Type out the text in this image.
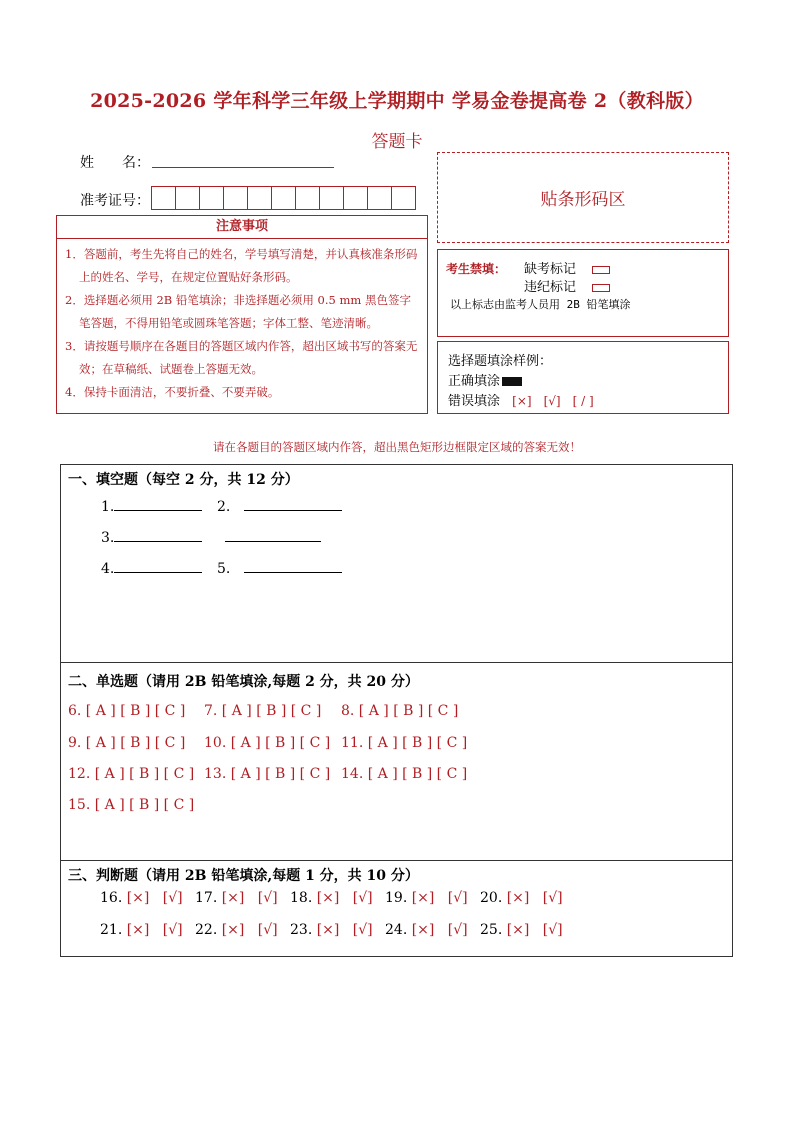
2025-2026 学年科学三年级上学期期中 学易金卷提高卷 2（教科版）
答题卡
姓　　名：
准考证号：
注意事项
1．答题前，考生先将自己的姓名，学号填写清楚，并认真核准条形码上的姓名、学号，在规定位置贴好条形码。
2．选择题必须用 2B 铅笔填涂；非选择题必须用 0.5 mm 黑色签字笔答题，不得用铅笔或圆珠笔答题；字体工整、笔迹清晰。
3．请按题号顺序在各题目的答题区域内作答，超出区域书写的答案无效；在草稿纸、试题卷上答题无效。
4．保持卡面清洁，不要折叠、不要弄破。
贴条形码区
考生禁填： 缺考标记
违纪标记
以上标志由监考人员用 2B 铅笔填涂
选择题填涂样例：
正确填涂
错误填涂 [×]　[√]　[ / ]
请在各题目的答题区域内作答，超出黑色矩形边框限定区域的答案无效！
一、填空题（每空 2 分，共 12 分）
1.	2.
3.
4.	5.
二、单选题（请用 2B 铅笔填涂,每题 2 分，共 20 分）
6. [ A ] [ B ] [ C ] 7. [ A ] [ B ] [ C ] 8. [ A ] [ B ] [ C ]
9. [ A ] [ B ] [ C ] 10. [ A ] [ B ] [ C ] 11. [ A ] [ B ] [ C ]
12. [ A ] [ B ] [ C ] 13. [ A ] [ B ] [ C ] 14. [ A ] [ B ] [ C ]
15. [ A ] [ B ] [ C ]
三、判断题（请用 2B 铅笔填涂,每题 1 分，共 10 分）
16. [×] [√] 17. [×] [√] 18. [×] [√] 19. [×] [√] 20. [×] [√]
21. [×] [√] 22. [×] [√] 23. [×] [√] 24. [×] [√] 25. [×] [√]
